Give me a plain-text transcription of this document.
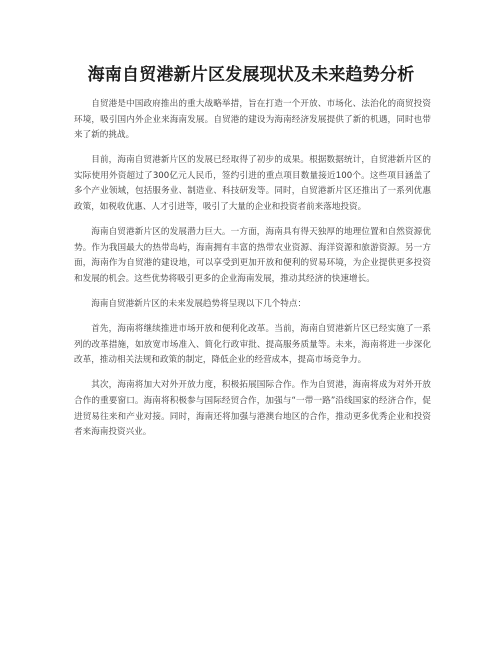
海南自贸港新片区发展现状及未来趋势分析

自贸港是中国政府推出的重大战略举措，旨在打造一个开放、市场化、法治化的商贸投资环境，吸引国内外企业来海南发展。自贸港的建设为海南经济发展提供了新的机遇，同时也带来了新的挑战。

目前，海南自贸港新片区的发展已经取得了初步的成果。根据数据统计，自贸港新片区的实际使用外资超过了300亿元人民币，签约引进的重点项目数量接近100个。这些项目涵盖了多个产业领域，包括服务业、制造业、科技研发等。同时，自贸港新片区还推出了一系列优惠政策，如税收优惠、人才引进等，吸引了大量的企业和投资者前来落地投资。

海南自贸港新片区的发展潜力巨大。一方面，海南具有得天独厚的地理位置和自然资源优势。作为我国最大的热带岛屿，海南拥有丰富的热带农业资源、海洋资源和旅游资源。另一方面，海南作为自贸港的建设地，可以享受到更加开放和便利的贸易环境，为企业提供更多投资和发展的机会。这些优势将吸引更多的企业海南发展，推动其经济的快速增长。

海南自贸港新片区的未来发展趋势将呈现以下几个特点：

首先，海南将继续推进市场开放和便利化改革。当前，海南自贸港新片区已经实施了一系列的改革措施，如放宽市场准入、简化行政审批、提高服务质量等。未来，海南将进一步深化改革，推动相关法规和政策的制定，降低企业的经营成本，提高市场竞争力。

其次，海南将加大对外开放力度，积极拓展国际合作。作为自贸港，海南将成为对外开放合作的重要窗口。海南将积极参与国际经贸合作，加强与“一带一路”沿线国家的经济合作，促进贸易往来和产业对接。同时，海南还将加强与港澳台地区的合作，推动更多优秀企业和投资者来海南投资兴业。
